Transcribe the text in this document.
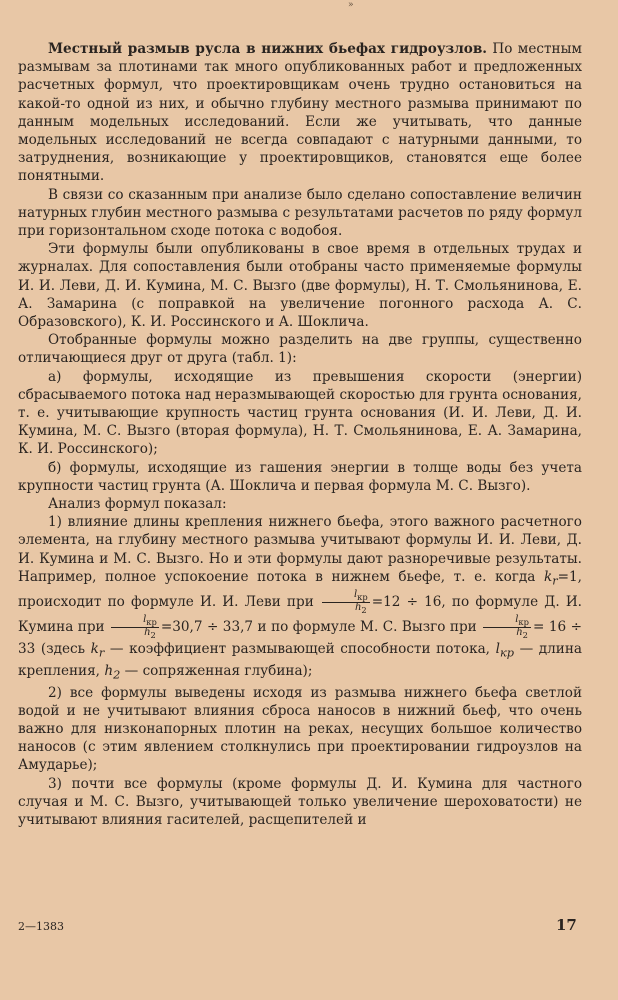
»

Местный размыв русла в нижних бьефах гидроузлов. По местным размывам за плотинами так много опубликованных работ и предложенных расчетных формул, что проектировщикам очень трудно остановиться на какой-то одной из них, и обычно глубину местного размыва принимают по данным модельных исследований. Если же учитывать, что данные модельных исследований не всегда совпадают с натурными данными, то затруднения, возникающие у проектировщиков, становятся еще более понятными.

В связи со сказанным при анализе было сделано сопоставление величин натурных глубин местного размыва с результатами расчетов по ряду формул при горизонтальном сходе потока с водобоя.

Эти формулы были опубликованы в свое время в отдельных трудах и журналах. Для сопоставления были отобраны часто применяемые формулы И. И. Леви, Д. И. Кумина, М. С. Вызго (две формулы), Н. Т. Смольянинова, Е. А. Замарина (с поправкой на увеличение погонного расхода А. С. Образовского), К. И. Россинского и А. Шоклича.

Отобранные формулы можно разделить на две группы, существенно отличающиеся друг от друга (табл. 1):

а) формулы, исходящие из превышения скорости (энергии) сбрасываемого потока над неразмывающей скоростью для грунта основания, т. е. учитывающие крупность частиц грунта основания (И. И. Леви, Д. И. Кумина, М. С. Вызго (вторая формула), Н. Т. Смольянинова, Е. А. Замарина, К. И. Россинского);

б) формулы, исходящие из гашения энергии в толще воды без учета крупности частиц грунта (А. Шоклича и первая формула М. С. Вызго).

Анализ формул показал:

1) влияние длины крепления нижнего бьефа, этого важного расчетного элемента, на глубину местного размыва учитывают формулы И. И. Леви, Д. И. Кумина и М. С. Вызго. Но и эти формулы дают разноречивые результаты. Например, полное успокоение потока в нижнем бьефе, т. е. когда $k_r=1$, происходит по формуле И. И. Леви при $\frac{l_{кр}}{h_2} =12 \div 16$, по формуле Д. И. Кумина при $\frac{l_{кр}}{h_2} =30,7 \div 33,7$ и по формуле М. С. Вызго при $\frac{l_{кр}}{h_2} = 16 \div 33$ (здесь $k_r$ — коэффициент размывающей способности потока, $l_{кр}$ — длина крепления, $h_2$ — сопряженная глубина);

2) все формулы выведены исходя из размыва нижнего бьефа светлой водой и не учитывают влияния сброса наносов в нижний бьеф, что очень важно для низконапорных плотин на реках, несущих большое количество наносов (с этим явлением столкнулись при проектировании гидроузлов на Амударье);

3) почти все формулы (кроме формулы Д. И. Кумина для частного случая и М. С. Вызго, учитывающей только увеличение шероховатости) не учитывают влияния гасителей, расщепителей и

2—1383	17
